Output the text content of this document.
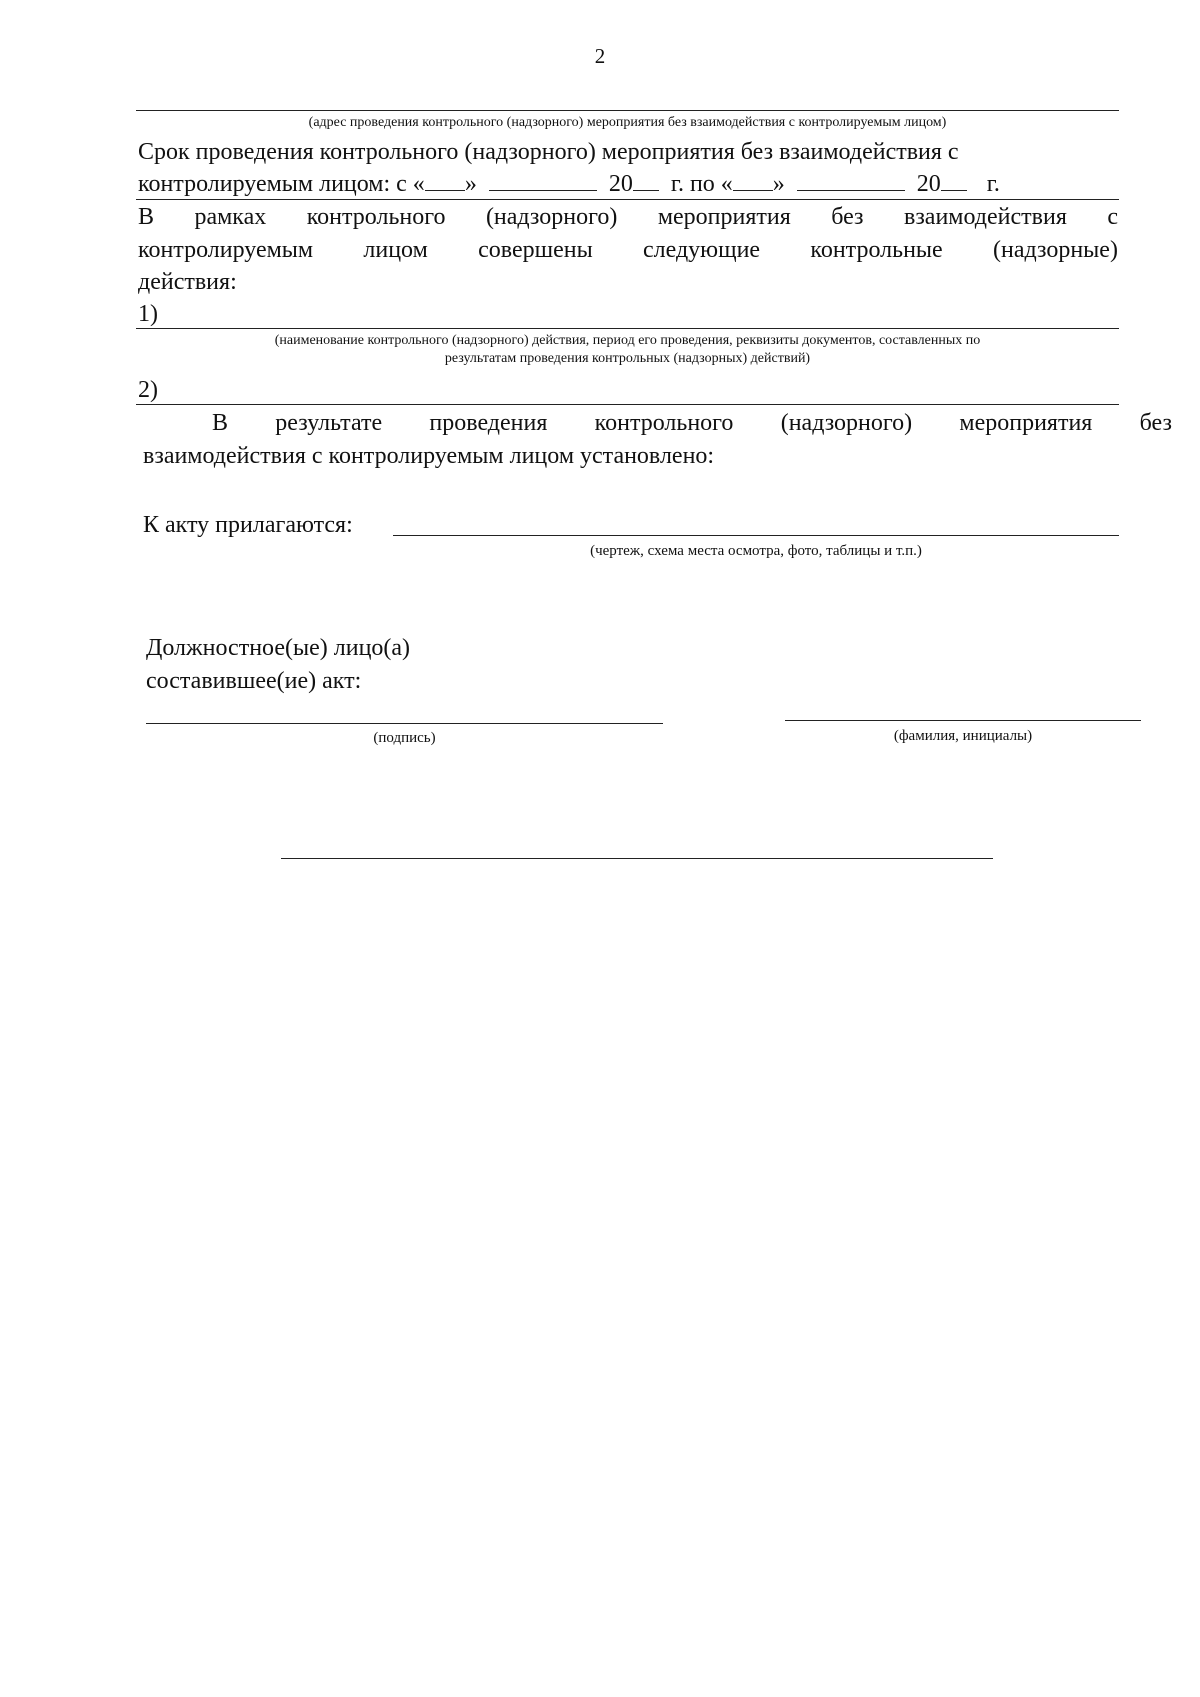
2
(адрес проведения контрольного (надзорного) мероприятия без взаимодействия с контролируемым лицом)
Срок проведения контрольного (надзорного) мероприятия без взаимодействия с
контролируемым лицом: с « »	20 г. по « »	20 г.
В рамках контрольного (надзорного) мероприятия без взаимодействия с
контролируемым лицом совершены следующие контрольные (надзорные)
действия:
1)
(наименование контрольного (надзорного) действия, период его проведения, реквизиты документов, составленных по
результатам проведения контрольных (надзорных) действий)
2)
В результате проведения контрольного (надзорного) мероприятия без
взаимодействия с контролируемым лицом установлено:
К акту прилагаются:
(чертеж, схема места осмотра, фото, таблицы и т.п.)
Должностное(ые) лицо(а)
составившее(ие) акт:
(подпись)	(фамилия, инициалы)
